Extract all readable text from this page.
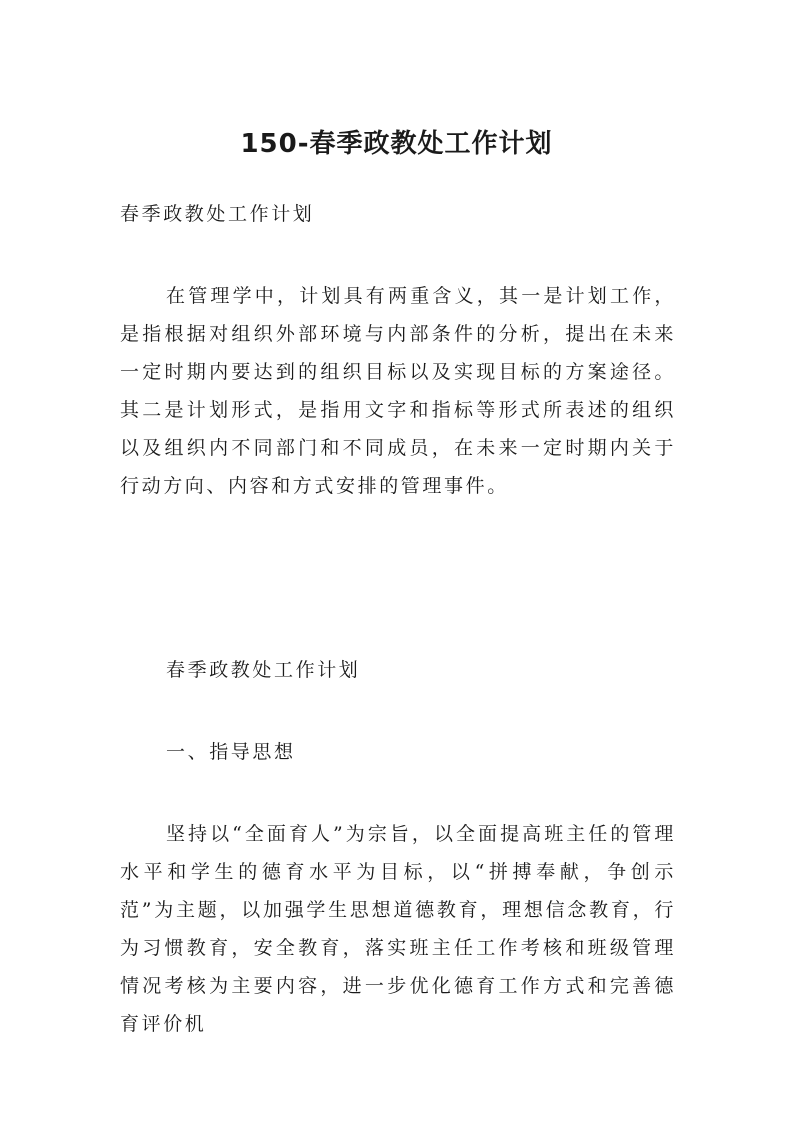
150-春季政教处工作计划

春季政教处工作计划

在管理学中，计划具有两重含义，其一是计划工作，是指根据对组织外部环境与内部条件的分析，提出在未来一定时期内要达到的组织目标以及实现目标的方案途径。其二是计划形式，是指用文字和指标等形式所表述的组织以及组织内不同部门和不同成员，在未来一定时期内关于行动方向、内容和方式安排的管理事件。

春季政教处工作计划

一、指导思想

坚持以“全面育人”为宗旨，以全面提高班主任的管理水平和学生的德育水平为目标，以“拼搏奉献，争创示范”为主题，以加强学生思想道德教育，理想信念教育，行为习惯教育，安全教育，落实班主任工作考核和班级管理情况考核为主要内容，进一步优化德育工作方式和完善德育评价机
